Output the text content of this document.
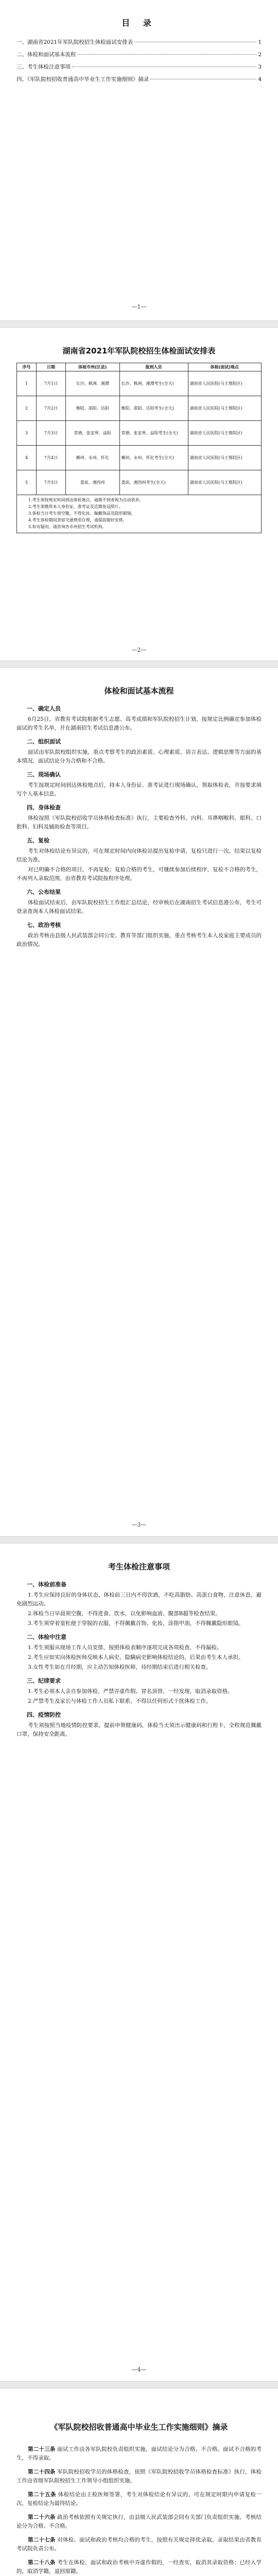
目 录
一、湖南省2021年军队院校招生体检面试安排表	1
二、体检和面试基本流程	2
三、考生体检注意事项	3
四、《军队院校招收普通高中毕业生工作实施细则》摘录	4
—1—
湖南省2021年军队院校招生体检面试安排表
序号	日期	体检市州(区县)	报到人员	体检(面试)地点
1	7月1日	长沙、株洲、湘潭	长沙、株洲、湘潭考生(全天)	湖南省人民医院(马王堆院区)
2	7月2日	衡阳、邵阳、岳阳	衡阳、邵阳、岳阳考生(全天)	湖南省人民医院(马王堆院区)
3	7月3日	常德、张家界、益阳	常德、张家界、益阳考生(全天)	湖南省人民医院(马王堆院区)
4	7月4日	郴州、永州、怀化	郴州、永州、怀化考生(全天)	湖南省人民医院(马王堆院区)
5	7月5日	娄底、湘西州	娄底、湘西州考生(全天)	湖南省人民医院(马王堆院区)

1.考生须按规定时间到达体检地点，逾期不到者视为自动放弃。

2.考生须携带本人身份证、准考证及近期免冠照片。

3.体检当日考生须空腹，不得化妆、佩戴饰品及隐形眼镜。

4.考生体检期间食宿交通费用自理，请提前做好安排。

5.如有疑问，请咨询各市州招生考试机构。

—2—
体检和面试基本流程
一、确定人员

6月25日，省教育考试院根据考生志愿、高考成绩和军队院校招生计划，按规定比例确定参加体检面试的考生名单，并在湖南招生考试信息港公布。

二、组织面试

面试由军队院校组织实施，重点考察考生的政治素质、心理素质、语言表达、逻辑思维等方面的基本情况，面试结论分为合格和不合格。

三、现场确认

考生按规定时间到达体检地点后，持本人身份证、准考证进行现场确认，领取体检表，并按要求填写个人基本信息。

四、身体检查

体检按照《军队院校招收学员体格检查标准》执行，主要检查外科、内科、耳鼻咽喉科、眼科、口腔科、妇科及辅助检查等项目。

五、复检

考生对体检结论有异议的，可在规定时间内向体检站提出复检申请，复检只进行一次，结果以复检结论为准。

对已明确不合格的项目，不再复检；复检合格的考生，可继续参加后续程序，复检不合格的考生，不再列入录取范围，由省教育考试院按程序处理。

六、公布结果

体检面试结束后，由军队院校招生工作组汇总结论，经审核后在湖南招生考试信息港公布，考生可登录查询本人体检面试结果。

七、政治考核

政治考核由县级人民武装部会同公安、教育等部门组织实施，重点考核考生本人及家庭主要成员的政治情况。

—3—
考生体检注意事项
一、体检前准备

1.考生应保持良好的身体状态，体检前三日内不得饮酒，不吃高脂肪、高蛋白食物，注意休息，避免剧烈运动。

2.体检当日早晨须空腹，不得进食、饮水，以免影响血液、腹部B超等检查结果。

3.考生须穿着宽松便于穿脱的衣服，不得佩戴首饰、化妆、涂指甲油，不得佩戴隐形眼镜。

二、体检中注意

1.考生须服从现场工作人员安排，按照体检表顺序逐项完成各项检查，不得漏检。

2.考生应如实向体检医师反映本人病史，隐瞒病史影响体检结论的，后果由考生本人承担。

3.女性考生如在月经期，应主动告知体检医师，待经期结束后进行相关检查。

三、纪律要求

1.考生必须本人亲自参加体检，严禁弄虚作假、冒名顶替，一经发现，取消录取资格。

2.严禁考生及家长与体检工作人员私下联系，不得以任何形式干扰体检工作。

四、疫情防控

考生须按照当地疫情防控要求，提前申领健康码，体检当天须出示健康码和行程卡，全程规范佩戴口罩，保持安全距离。

—4—
《军队院校招收普通高中毕业生工作实施细则》摘录

第二十三条 面试工作由各军队院校负责组织实施，面试结论分为合格、不合格。面试不合格的考生，不得录取。

第二十四条 军队院校招收学员的体格检查，依照《军队院校招收学员体格检查标准》执行，体检工作由省级军队院校招生工作领导小组组织实施。

第二十五条 体检结论由主检医师签署，考生对体检结论有异议的，可在规定时限内申请复检一次，复检结论为最终结论。

第二十六条 政治考核依照有关规定执行，由县级人民武装部会同有关部门负责组织实施，考核结论分为合格、不合格。

第二十七条 对体检、面试和政治考核均合格的考生，按照有关规定择优录取。录取结果由省教育考试院负责公布。

第二十八条 考生在体检、面试和政治考核中弄虚作假的，一经查实，取消其录取资格；已经入学的，取消学籍，退回原籍。
